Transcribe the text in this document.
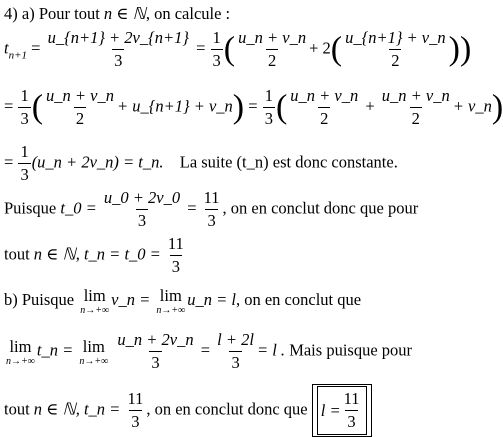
4) a) Pour tout n ∈ ℕ, on calcule :
$t_{n+1} = \frac{u\_\{n+1\} + 2v\_\{n+1\}}{3} = \frac{1}{3}$ ( $\frac{u\_n + v\_n}{2} + 2( \frac{u\_\{n+1\} + v\_n}{2}$ ))
= $\frac{1}{3}$ ( $\frac{u\_n + v\_n}{2}$ + u_{n+1} + v_n) = $\frac{1}{3}$ ( $\frac{u\_n + v\_n}{2} + \frac{u\_n + v\_n}{2}$ + v_n)
= $\frac{1}{3}$ (u_n + 2v_n) = t_n. La suite (t_n) est donc constante.
Puisque t_0 = $\frac{u\_0 + 2v\_0}{3} = \frac{11}{3}$ , on en conclut donc que pour
tout n ∈ ℕ, t_n = t_0 = $\frac{11}{3}$
b) Puisque lim
n→+∞
v_n = lim
n→+∞
u_n = l, on en conclut que
lim
n→+∞
t_n = lim
n→+∞
$\frac{u\_n + 2v\_n}{3} = \frac{l + 2l}{3} = l$ . Mais puisque pour
tout n ∈ ℕ, t_n = $\frac{11}{3}$ , on en conclut donc que $l = \frac{11}{3}$
